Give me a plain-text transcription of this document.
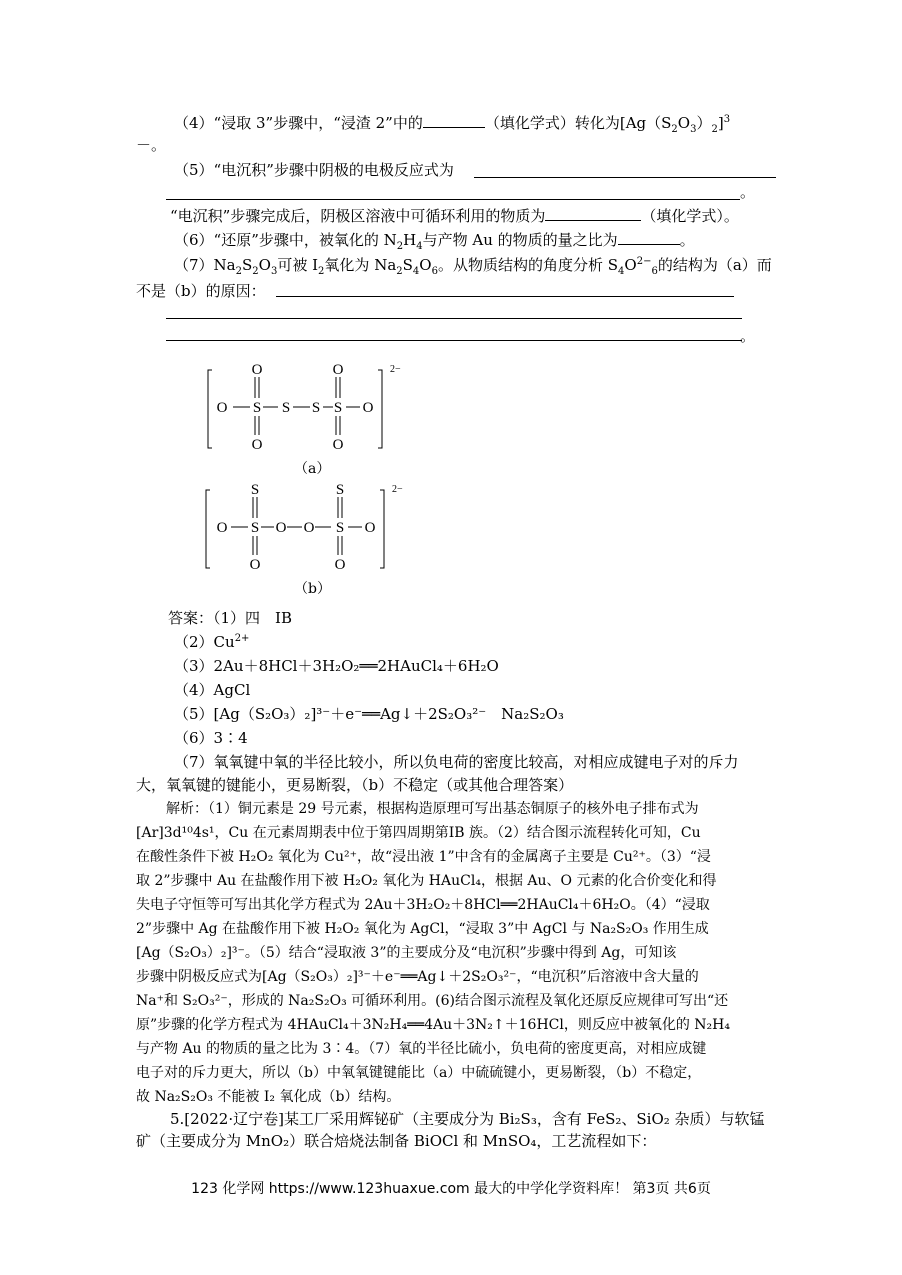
（4）“浸取 3”步骤中，“浸渣 2”中的	（填化学式）转化为$[Ag(S_2O_3)_2]^3$
－。
（5）“电沉积”步骤中阴极的电极反应式为
。
“电沉积”步骤完成后，阴极区溶液中可循环利用的物质为	（填化学式）。
（6）“还原”步骤中，被氧化的 $N_2H_4$与产物 Au 的物质的量之比为	。
$(7)Na_2S_2O_3$可被 $I_2$氧化为 $Na_2S_4O_6$。从物质结构的角度分析 $S_4O^{2-}_6$的结构为（a）而
不是（b）的原因：
。
O S S S S O
O	O
O	O
2−
（a）
O S O O S O
S	S
O	O
2−
（b）
答案：（1）四　ⅠB
$(2)Cu^{2+}$
（3）2Au＋8HCl＋3H₂O₂══2HAuCl₄＋6H₂O
（4）AgCl
（5）[Ag（S₂O₃）₂]³⁻＋e⁻══Ag↓＋2S₂O₃²⁻　Na₂S₂O₃
（6）3∶4
（7）氧氧键中氧的半径比较小，所以负电荷的密度比较高，对相应成键电子对的斥力
大，氧氧键的键能小，更易断裂，（b）不稳定（或其他合理答案）
解析：（1）铜元素是 29 号元素，根据构造原理可写出基态铜原子的核外电子排布式为
[Ar]3d¹⁰4s¹，Cu 在元素周期表中位于第四周期第ⅠB 族。（2）结合图示流程转化可知，Cu
在酸性条件下被 H₂O₂ 氧化为 Cu²⁺，故“浸出液 1”中含有的金属离子主要是 Cu²⁺。（3）“浸
取 2”步骤中 Au 在盐酸作用下被 H₂O₂ 氧化为 HAuCl₄，根据 Au、O 元素的化合价变化和得
失电子守恒等可写出其化学方程式为 2Au＋3H₂O₂＋8HCl══2HAuCl₄＋6H₂O。（4）“浸取
2”步骤中 Ag 在盐酸作用下被 H₂O₂ 氧化为 AgCl，“浸取 3”中 AgCl 与 Na₂S₂O₃ 作用生成
[Ag（S₂O₃）₂]³⁻。（5）结合“浸取液 3”的主要成分及“电沉积”步骤中得到 Ag，可知该
步骤中阴极反应式为[Ag（S₂O₃）₂]³⁻＋e⁻══Ag↓＋2S₂O₃²⁻，“电沉积”后溶液中含大量的
Na⁺和 S₂O₃²⁻，形成的 Na₂S₂O₃ 可循环利用。(6)结合图示流程及氧化还原反应规律可写出“还
原”步骤的化学方程式为 4HAuCl₄＋3N₂H₄══4Au＋3N₂↑＋16HCl，则反应中被氧化的 N₂H₄
与产物 Au 的物质的量之比为 3∶4。（7）氧的半径比硫小，负电荷的密度更高，对相应成键
电子对的斥力更大，所以（b）中氧氧键键能比（a）中硫硫键小，更易断裂，（b）不稳定，
故 Na₂S₂O₃ 不能被 I₂ 氧化成（b）结构。
5.[2022·辽宁卷]某工厂采用辉铋矿（主要成分为 Bi₂S₃，含有 FeS₂、SiO₂ 杂质）与软锰
矿（主要成分为 MnO₂）联合焙烧法制备 BiOCl 和 MnSO₄，工艺流程如下：
123 化学网 https://www.123huaxue.com 最大的中学化学资料库！ 第3页 共6页
